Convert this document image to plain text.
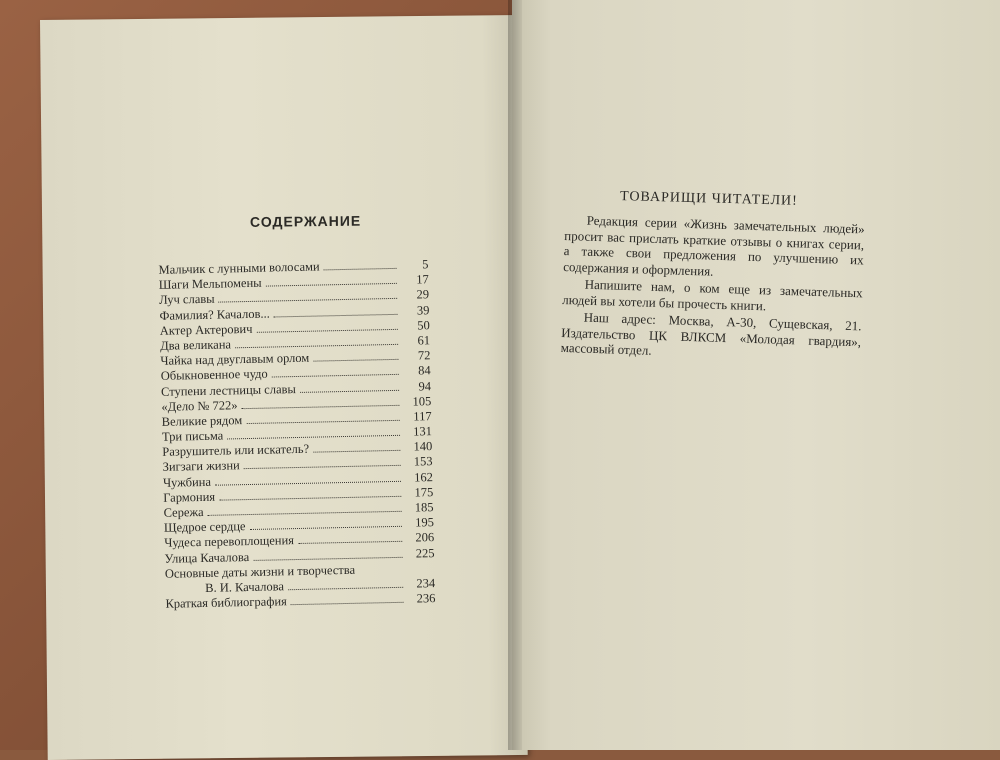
СОДЕРЖАНИЕ
Мальчик с лунными волосами	5
Шаги Мельпомены	17
Луч славы	29
Фамилия? Качалов...	39
Актер Актерович	50
Два великана	61
Чайка над двуглавым орлом	72
Обыкновенное чудо	84
Ступени лестницы славы	94
«Дело № 722»	105
Великие рядом	117
Три письма	131
Разрушитель или искатель?	140
Зигзаги жизни	153
Чужбина	162
Гармония	175
Сережа	185
Щедрое сердце	195
Чудеса перевоплощения	206
Улица Качалова	225
Основные даты жизни и творчества
В. И. Качалова	234
Краткая библиография	236
ТОВАРИЩИ ЧИТАТЕЛИ!

Редакция серии «Жизнь замечательных людей» просит вас прислать краткие отзывы о книгах серии, а также свои предложения по улучшению их содержания и оформления.

Напишите нам, о ком еще из замечательных людей вы хотели бы прочесть книги.

Наш адрес: Москва, А-30, Сущевская, 21. Издательство ЦК ВЛКСМ «Молодая гвардия», массовый отдел.
